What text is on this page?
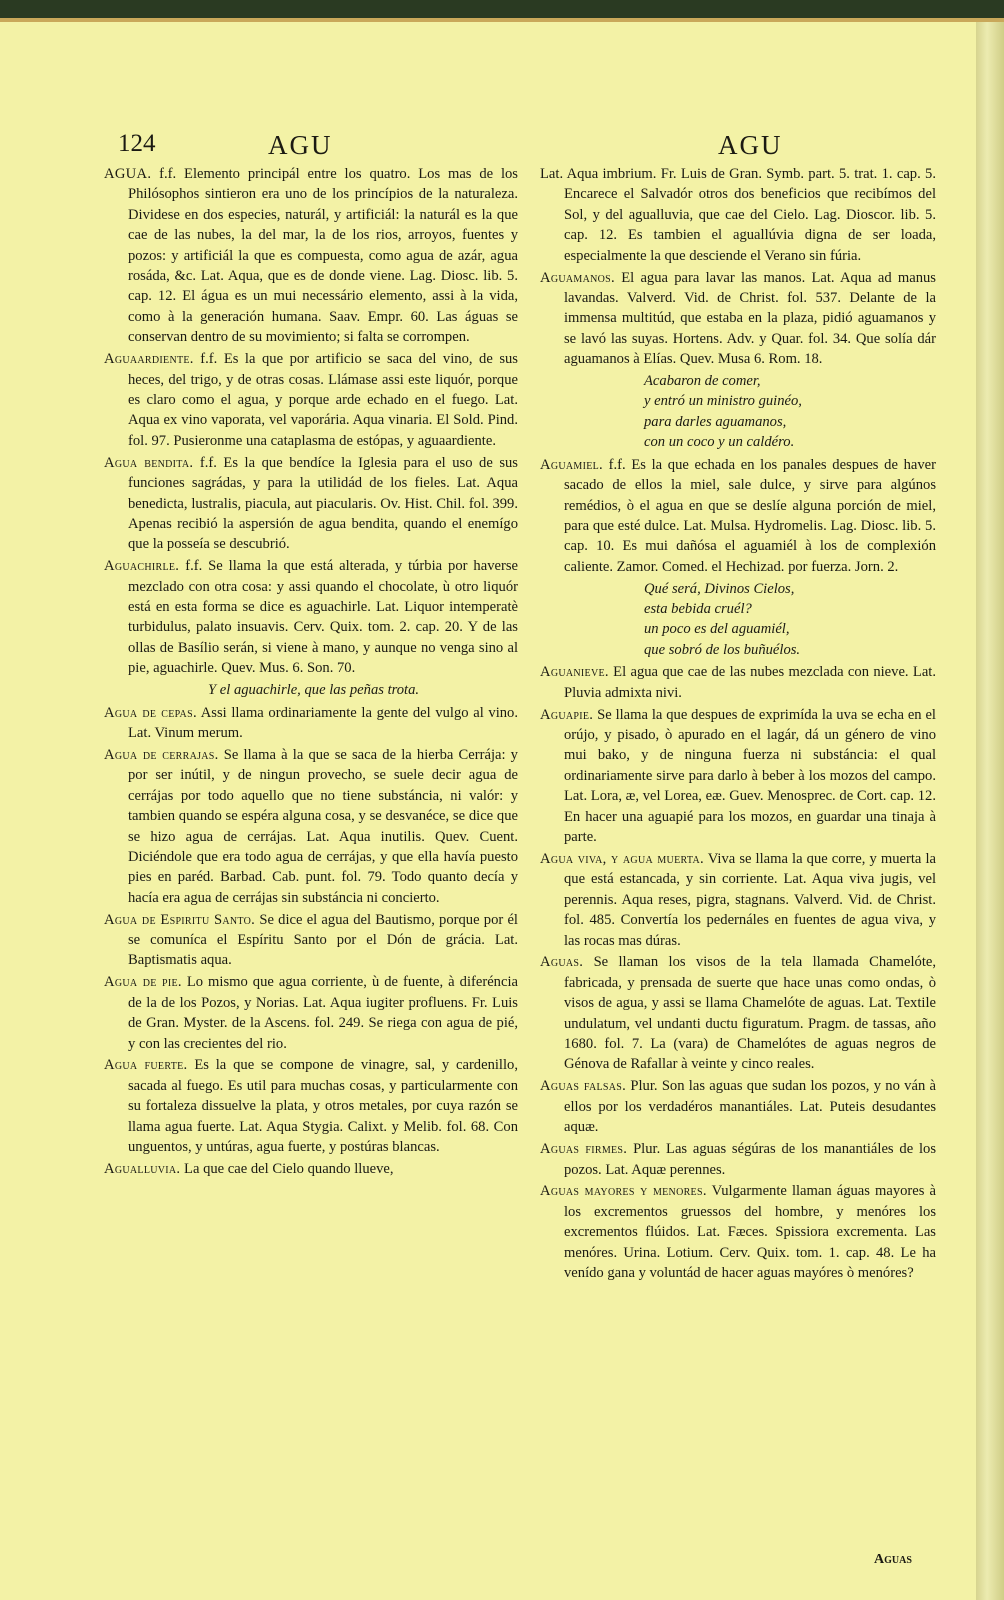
124	AGU	AGU
AGUA. f.f. Elemento principál entre los quatro. Los mas de los Philósophos sintieron era uno de los princípios de la naturaleza. Dividese en dos especies, naturál, y artificiál: la naturál es la que cae de las nubes, la del mar, la de los rios, arroyos, fuentes y pozos: y artificiál la que es compuesta, como agua de azár, agua rosáda, &c. Lat. Aqua, que es de donde viene. Lag. Diosc. lib. 5. cap. 12. El água es un mui necessário elemento, assi à la vida, como à la generación humana. Saav. Empr. 60. Las águas se conservan dentro de su movimiento; si falta se corrompen.
Aguaardiente. f.f. Es la que por artificio se saca del vino, de sus heces, del trigo, y de otras cosas. Llámase assi este liquór, porque es claro como el agua, y porque arde echado en el fuego. Lat. Aqua ex vino vaporata, vel vaporária. Aqua vinaria. El Sold. Pind. fol. 97. Pusieronme una cataplasma de estópas, y aguaardiente.
Agua bendita. f.f. Es la que bendíce la Iglesia para el uso de sus funciones sagrádas, y para la utilidád de los fieles. Lat. Aqua benedicta, lustralis, piacula, aut piacularis. Ov. Hist. Chil. fol. 399. Apenas recibió la aspersión de agua bendita, quando el enemígo que la posseía se descubrió.
Aguachirle. f.f. Se llama la que está alterada, y túrbia por haverse mezclado con otra cosa: y assi quando el chocolate, ù otro liquór está en esta forma se dice es aguachirle. Lat. Liquor intemperatè turbidulus, palato insuavis. Cerv. Quix. tom. 2. cap. 20. Y de las ollas de Basílio serán, si viene à mano, y aunque no venga sino al pie, aguachirle. Quev. Mus. 6. Son. 70.
Y el aguachirle, que las peñas trota.
Agua de cepas. Assi llama ordinariamente la gente del vulgo al vino. Lat. Vinum merum.
Agua de cerrajas. Se llama à la que se saca de la hierba Cerrája: y por ser inútil, y de ningun provecho, se suele decir agua de cerrájas por todo aquello que no tiene substáncia, ni valór: y tambien quando se espéra alguna cosa, y se desvanéce, se dice que se hizo agua de cerrájas. Lat. Aqua inutilis. Quev. Cuent. Diciéndole que era todo agua de cerrájas, y que ella havía puesto pies en paréd. Barbad. Cab. punt. fol. 79. Todo quanto decía y hacía era agua de cerrájas sin substáncia ni concierto.
Agua de Espiritu Santo. Se dice el agua del Bautismo, porque por él se comuníca el Espíritu Santo por el Dón de grácia. Lat. Baptismatis aqua.
Agua de pie. Lo mismo que agua corriente, ù de fuente, à diferéncia de la de los Pozos, y Norias. Lat. Aqua iugiter profluens. Fr. Luis de Gran. Myster. de la Ascens. fol. 249. Se riega con agua de pié, y con las crecientes del rio.
Agua fuerte. Es la que se compone de vinagre, sal, y cardenillo, sacada al fuego. Es util para muchas cosas, y particularmente con su fortaleza dissuelve la plata, y otros metales, por cuya razón se llama agua fuerte. Lat. Aqua Stygia. Calixt. y Melib. fol. 68. Con unguentos, y untúras, agua fuerte, y postúras blancas.
Agualluvia. La que cae del Cielo quando llueve,
Lat. Aqua imbrium. Fr. Luis de Gran. Symb. part. 5. trat. 1. cap. 5. Encarece el Salvadór otros dos beneficios que recibímos del Sol, y del agualluvia, que cae del Cielo. Lag. Dioscor. lib. 5. cap. 12. Es tambien el aguallúvia digna de ser loada, especialmente la que desciende el Verano sin fúria.
Aguamanos. El agua para lavar las manos. Lat. Aqua ad manus lavandas. Valverd. Vid. de Christ. fol. 537. Delante de la immensa multitúd, que estaba en la plaza, pidió aguamanos y se lavó las suyas. Hortens. Adv. y Quar. fol. 34. Que solía dár aguamanos à Elías. Quev. Musa 6. Rom. 18.
Acabaron de comer,
y entró un ministro guinéo,
para darles aguamanos,
con un coco y un caldéro.
Aguamiel. f.f. Es la que echada en los panales despues de haver sacado de ellos la miel, sale dulce, y sirve para algúnos remédios, ò el agua en que se deslíe alguna porción de miel, para que esté dulce. Lat. Mulsa. Hydromelis. Lag. Diosc. lib. 5. cap. 10. Es mui dañósa el aguamiél à los de complexión caliente. Zamor. Comed. el Hechizad. por fuerza. Jorn. 2.
Qué será, Divinos Cielos,
esta bebida cruél?
un poco es del aguamiél,
que sobró de los buñuélos.
Aguanieve. El agua que cae de las nubes mezclada con nieve. Lat. Pluvia admixta nivi.
Aguapie. Se llama la que despues de exprimída la uva se echa en el orújo, y pisado, ò apurado en el lagár, dá un género de vino mui bako, y de ninguna fuerza ni substáncia: el qual ordinariamente sirve para darlo à beber à los mozos del campo. Lat. Lora, æ, vel Lorea, eæ. Guev. Menosprec. de Cort. cap. 12. En hacer una aguapié para los mozos, en guardar una tinaja à parte.
Agua viva, y agua muerta. Viva se llama la que corre, y muerta la que está estancada, y sin corriente. Lat. Aqua viva jugis, vel perennis. Aqua reses, pigra, stagnans. Valverd. Vid. de Christ. fol. 485. Convertía los pedernáles en fuentes de agua viva, y las rocas mas dúras.
Aguas. Se llaman los visos de la tela llamada Chamelóte, fabricada, y prensada de suerte que hace unas como ondas, ò visos de agua, y assi se llama Chamelóte de aguas. Lat. Textile undulatum, vel undanti ductu figuratum. Pragm. de tassas, año 1680. fol. 7. La (vara) de Chamelótes de aguas negros de Génova de Rafallar à veinte y cinco reales.
Aguas falsas. Plur. Son las aguas que sudan los pozos, y no ván à ellos por los verdadéros manantiáles. Lat. Puteis desudantes aquæ.
Aguas firmes. Plur. Las aguas ségúras de los manantiáles de los pozos. Lat. Aquæ perennes.
Aguas mayores y menores. Vulgarmente llaman águas mayores à los excrementos gruessos del hombre, y menóres los excrementos flúidos. Lat. Fæces. Spissiora excrementa. Las menóres. Urina. Lotium. Cerv. Quix. tom. 1. cap. 48. Le ha venído gana y voluntád de hacer aguas mayóres ò menóres?
Aguas
